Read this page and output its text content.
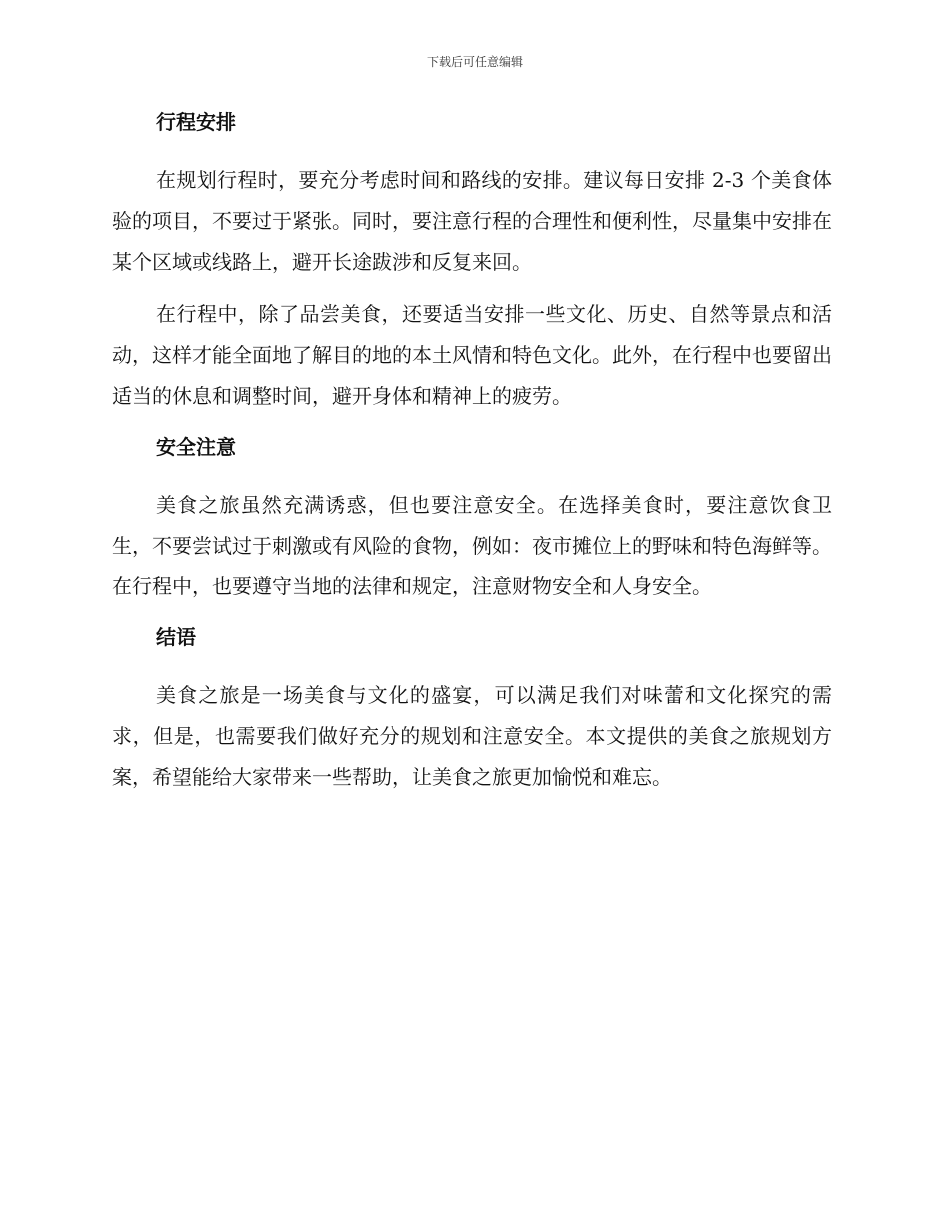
下载后可任意编辑
行程安排

在规划行程时，要充分考虑时间和路线的安排。建议每日安排 2-3 个美食体验的项目，不要过于紧张。同时，要注意行程的合理性和便利性，尽量集中安排在某个区域或线路上，避开长途跋涉和反复来回。

在行程中，除了品尝美食，还要适当安排一些文化、历史、自然等景点和活动，这样才能全面地了解目的地的本土风情和特色文化。此外，在行程中也要留出适当的休息和调整时间，避开身体和精神上的疲劳。

安全注意

美食之旅虽然充满诱惑，但也要注意安全。在选择美食时，要注意饮食卫生，不要尝试过于刺激或有风险的食物，例如：夜市摊位上的野味和特色海鲜等。在行程中，也要遵守当地的法律和规定，注意财物安全和人身安全。

结语

美食之旅是一场美食与文化的盛宴，可以满足我们对味蕾和文化探究的需求，但是，也需要我们做好充分的规划和注意安全。本文提供的美食之旅规划方案，希望能给大家带来一些帮助，让美食之旅更加愉悦和难忘。
